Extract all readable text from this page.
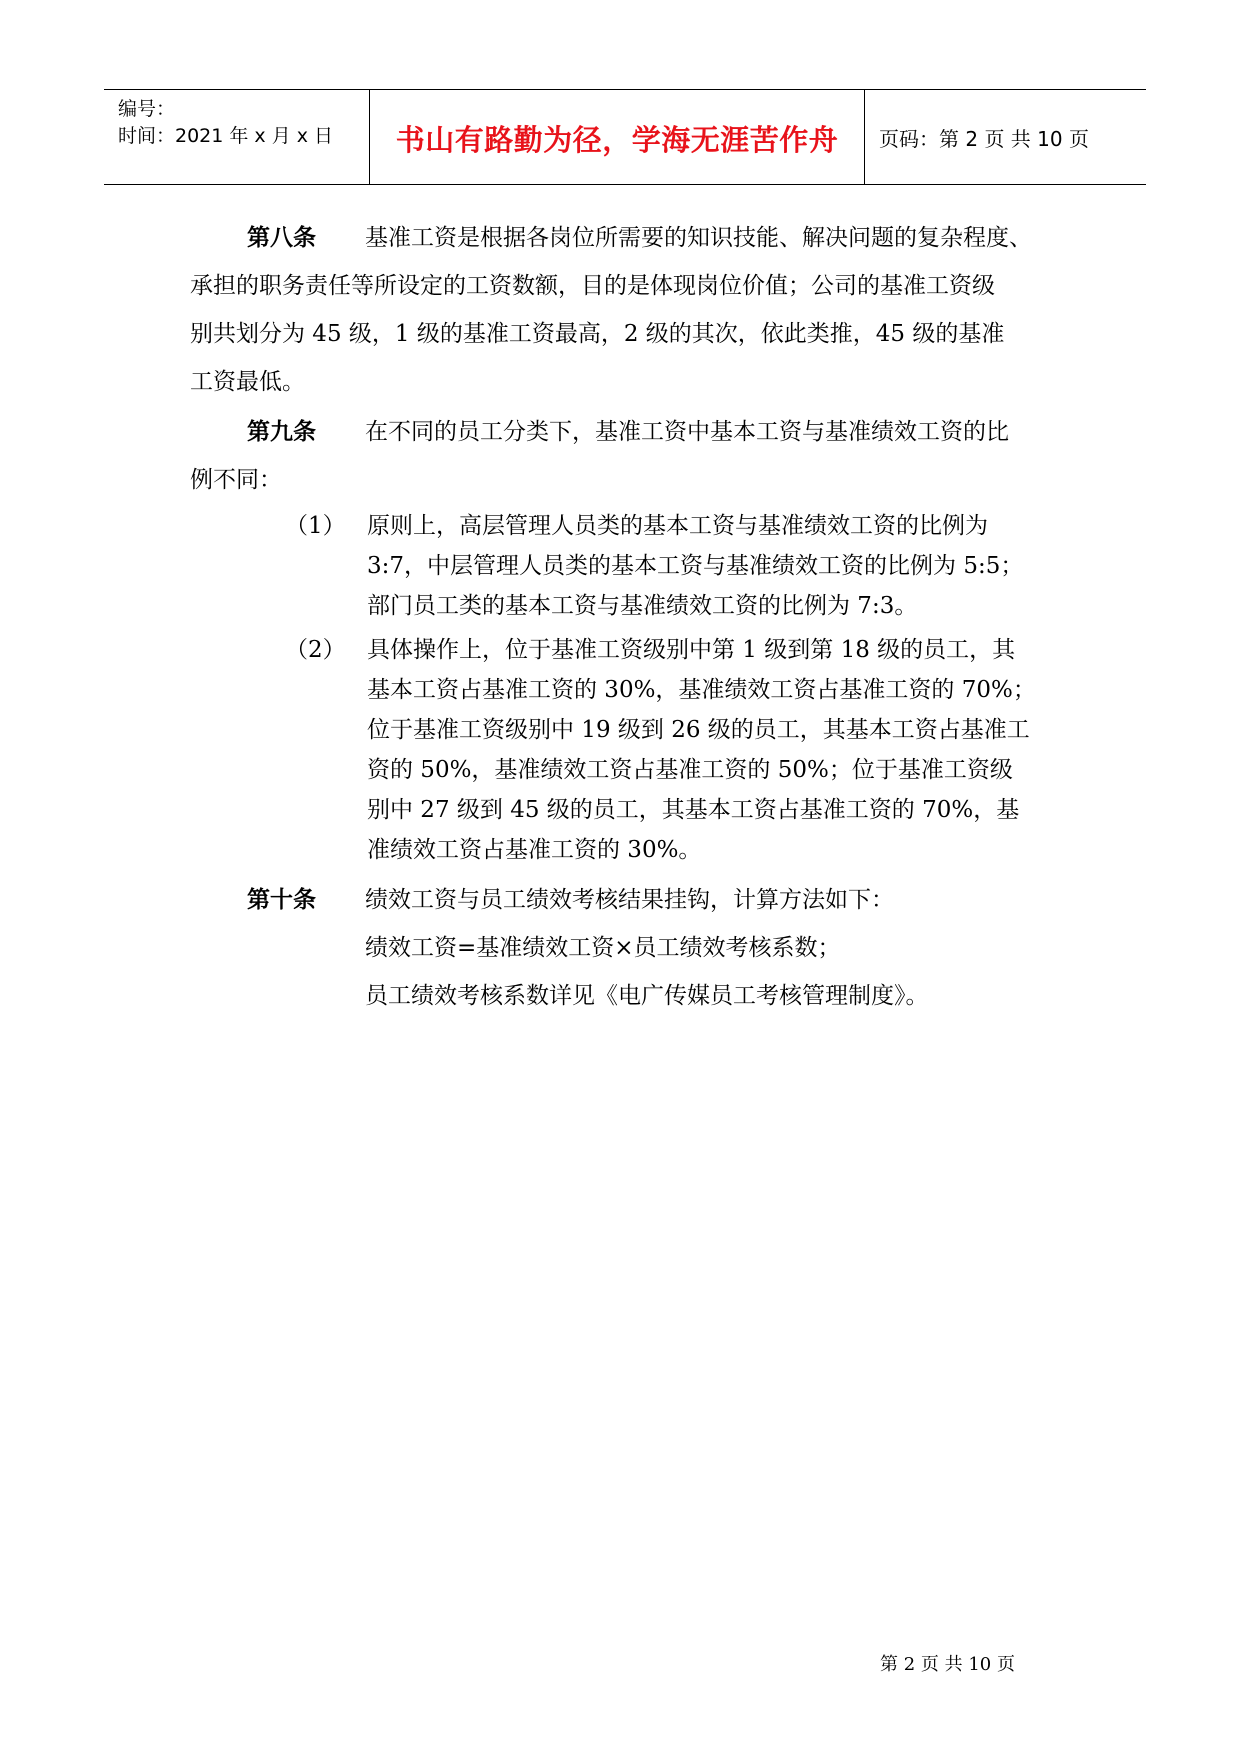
编号：
时间：2021 年 x 月 x 日	书山有路勤为径，学海无涯苦作舟	页码：第 2 页 共 10 页
第八条 基准工资是根据各岗位所需要的知识技能、解决问题的复杂程度、
承担的职务责任等所设定的工资数额，目的是体现岗位价值；公司的基准工资级
别共划分为 45 级，1 级的基准工资最高，2 级的其次，依此类推，45 级的基准
工资最低。
第九条 在不同的员工分类下，基准工资中基本工资与基准绩效工资的比
例不同：
（1） 原则上，高层管理人员类的基本工资与基准绩效工资的比例为
3:7，中层管理人员类的基本工资与基准绩效工资的比例为 5:5；
部门员工类的基本工资与基准绩效工资的比例为 7:3。
（2） 具体操作上，位于基准工资级别中第 1 级到第 18 级的员工，其
基本工资占基准工资的 30%，基准绩效工资占基准工资的 70%；
位于基准工资级别中 19 级到 26 级的员工，其基本工资占基准工
资的 50%，基准绩效工资占基准工资的 50%；位于基准工资级
别中 27 级到 45 级的员工，其基本工资占基准工资的 70%，基
准绩效工资占基准工资的 30%。
第十条 绩效工资与员工绩效考核结果挂钩，计算方法如下：
绩效工资=基准绩效工资×员工绩效考核系数；
员工绩效考核系数详见《电广传媒员工考核管理制度》。
第 2 页 共 10 页
